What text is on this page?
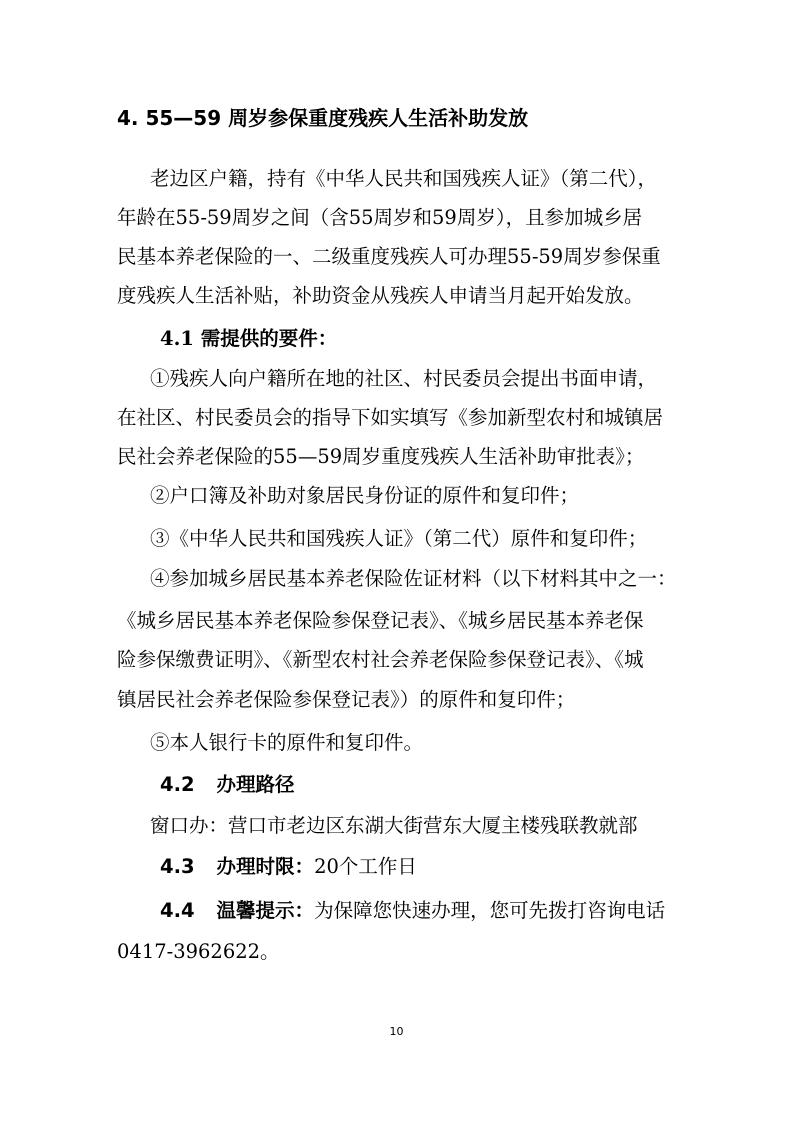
4. 55—59 周岁参保重度残疾人生活补助发放
老边区户籍，持有《中华人民共和国残疾人证》（第二代），
年龄在55-59周岁之间（含55周岁和59周岁），且参加城乡居
民基本养老保险的一、二级重度残疾人可办理55-59周岁参保重
度残疾人生活补贴，补助资金从残疾人申请当月起开始发放。
4.1 需提供的要件：
①残疾人向户籍所在地的社区、村民委员会提出书面申请，
在社区、村民委员会的指导下如实填写《参加新型农村和城镇居
民社会养老保险的55—59周岁重度残疾人生活补助审批表》；
②户口簿及补助对象居民身份证的原件和复印件；
③《中华人民共和国残疾人证》（第二代）原件和复印件；
④参加城乡居民基本养老保险佐证材料（以下材料其中之一：
《城乡居民基本养老保险参保登记表》、《城乡居民基本养老保
险参保缴费证明》、《新型农村社会养老保险参保登记表》、《城
镇居民社会养老保险参保登记表》）的原件和复印件；
⑤本人银行卡的原件和复印件。
4.2 办理路径
窗口办：营口市老边区东湖大街营东大厦主楼残联教就部
4.3 办理时限：20个工作日
4.4 温馨提示：为保障您快速办理，您可先拨打咨询电话
0417-3962622。
10
